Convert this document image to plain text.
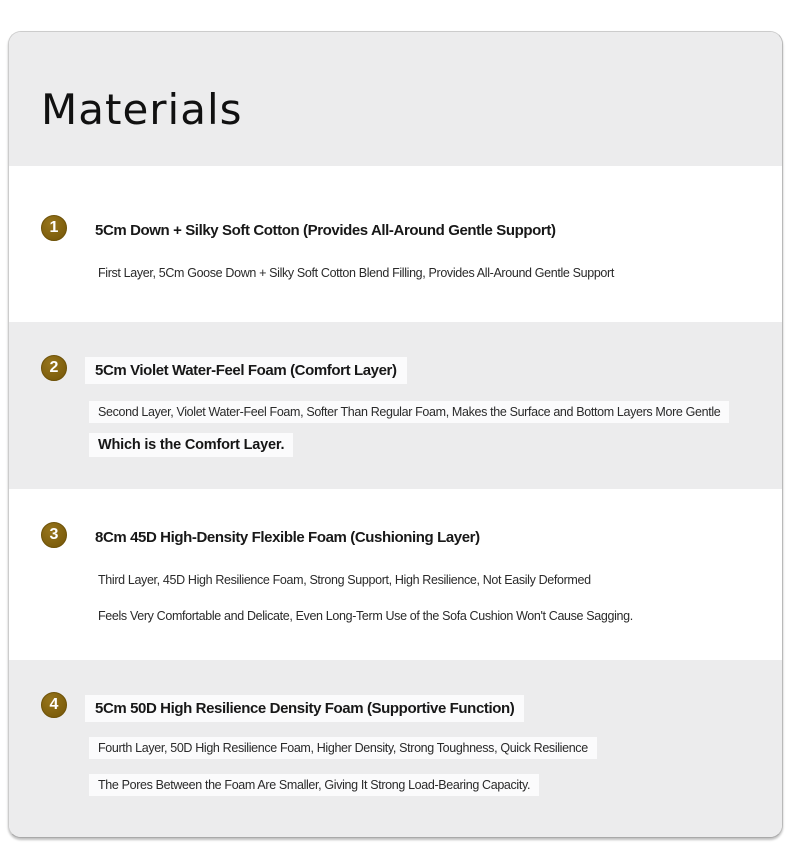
Materials
1	5Cm Down + Silky Soft Cotton (Provides All-Around Gentle Support)
First Layer, 5Cm Goose Down + Silky Soft Cotton Blend Filling, Provides All-Around Gentle Support
2	5Cm Violet Water-Feel Foam (Comfort Layer)
Second Layer, Violet Water-Feel Foam, Softer Than Regular Foam, Makes the Surface and Bottom Layers More Gentle
Which is the Comfort Layer.
3	8Cm 45D High-Density Flexible Foam (Cushioning Layer)
Third Layer, 45D High Resilience Foam, Strong Support, High Resilience, Not Easily Deformed
Feels Very Comfortable and Delicate, Even Long-Term Use of the Sofa Cushion Won't Cause Sagging.
4	5Cm 50D High Resilience Density Foam (Supportive Function)
Fourth Layer, 50D High Resilience Foam, Higher Density, Strong Toughness, Quick Resilience
The Pores Between the Foam Are Smaller, Giving It Strong Load-Bearing Capacity.
